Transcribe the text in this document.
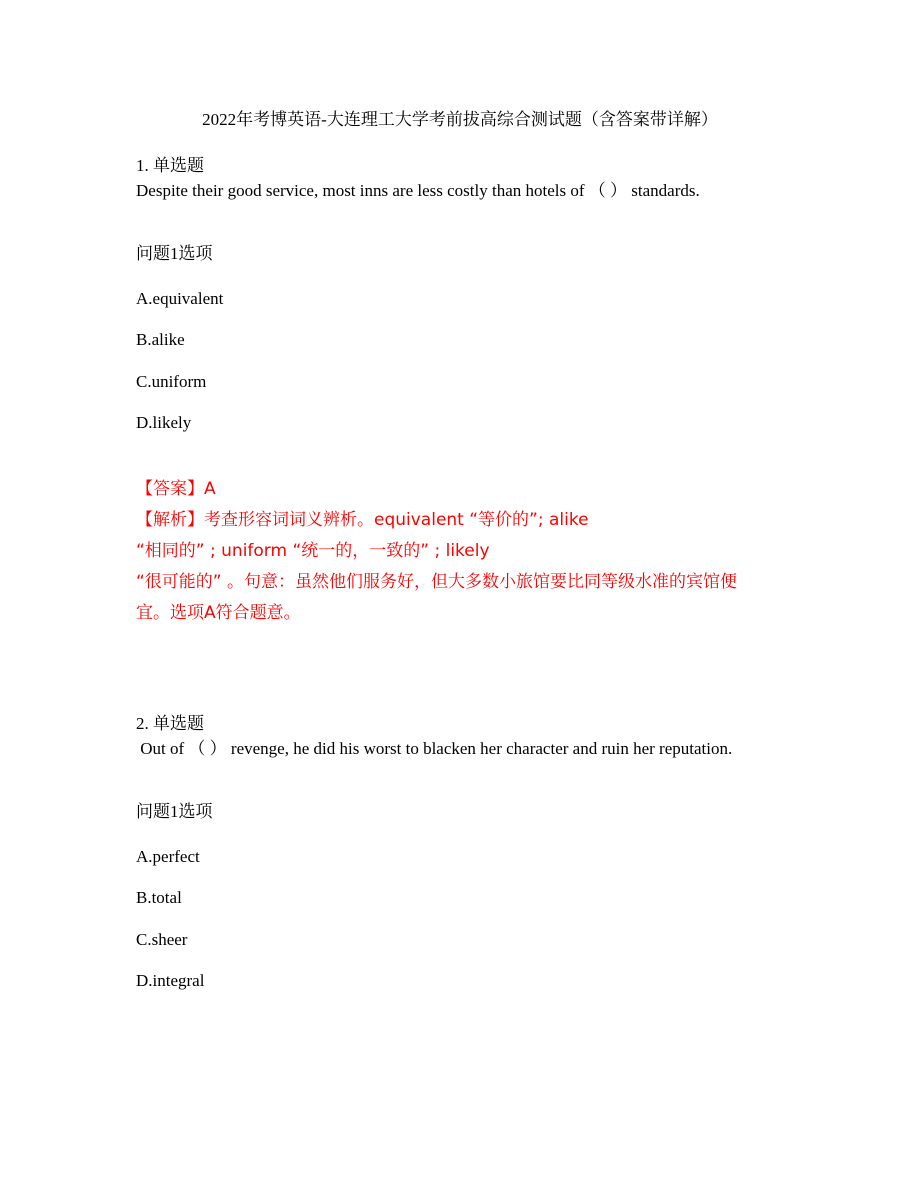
2022年考博英语-大连理工大学考前拔高综合测试题（含答案带详解）
1. 单选题
Despite their good service, most inns are less costly than hotels of （ ） standards.
问题1选项
A.equivalent
B.alike
C.uniform
D.likely
【答案】A
【解析】考查形容词词义辨析。equivalent “等价的”; alike
“相同的” ; uniform “统一的，一致的” ; likely
“很可能的” 。句意：虽然他们服务好，但大多数小旅馆要比同等级水准的宾馆便
宜。选项A符合题意。
2. 单选题
Out of （ ） revenge, he did his worst to blacken her character and ruin her reputation.
问题1选项
A.perfect
B.total
C.sheer
D.integral
